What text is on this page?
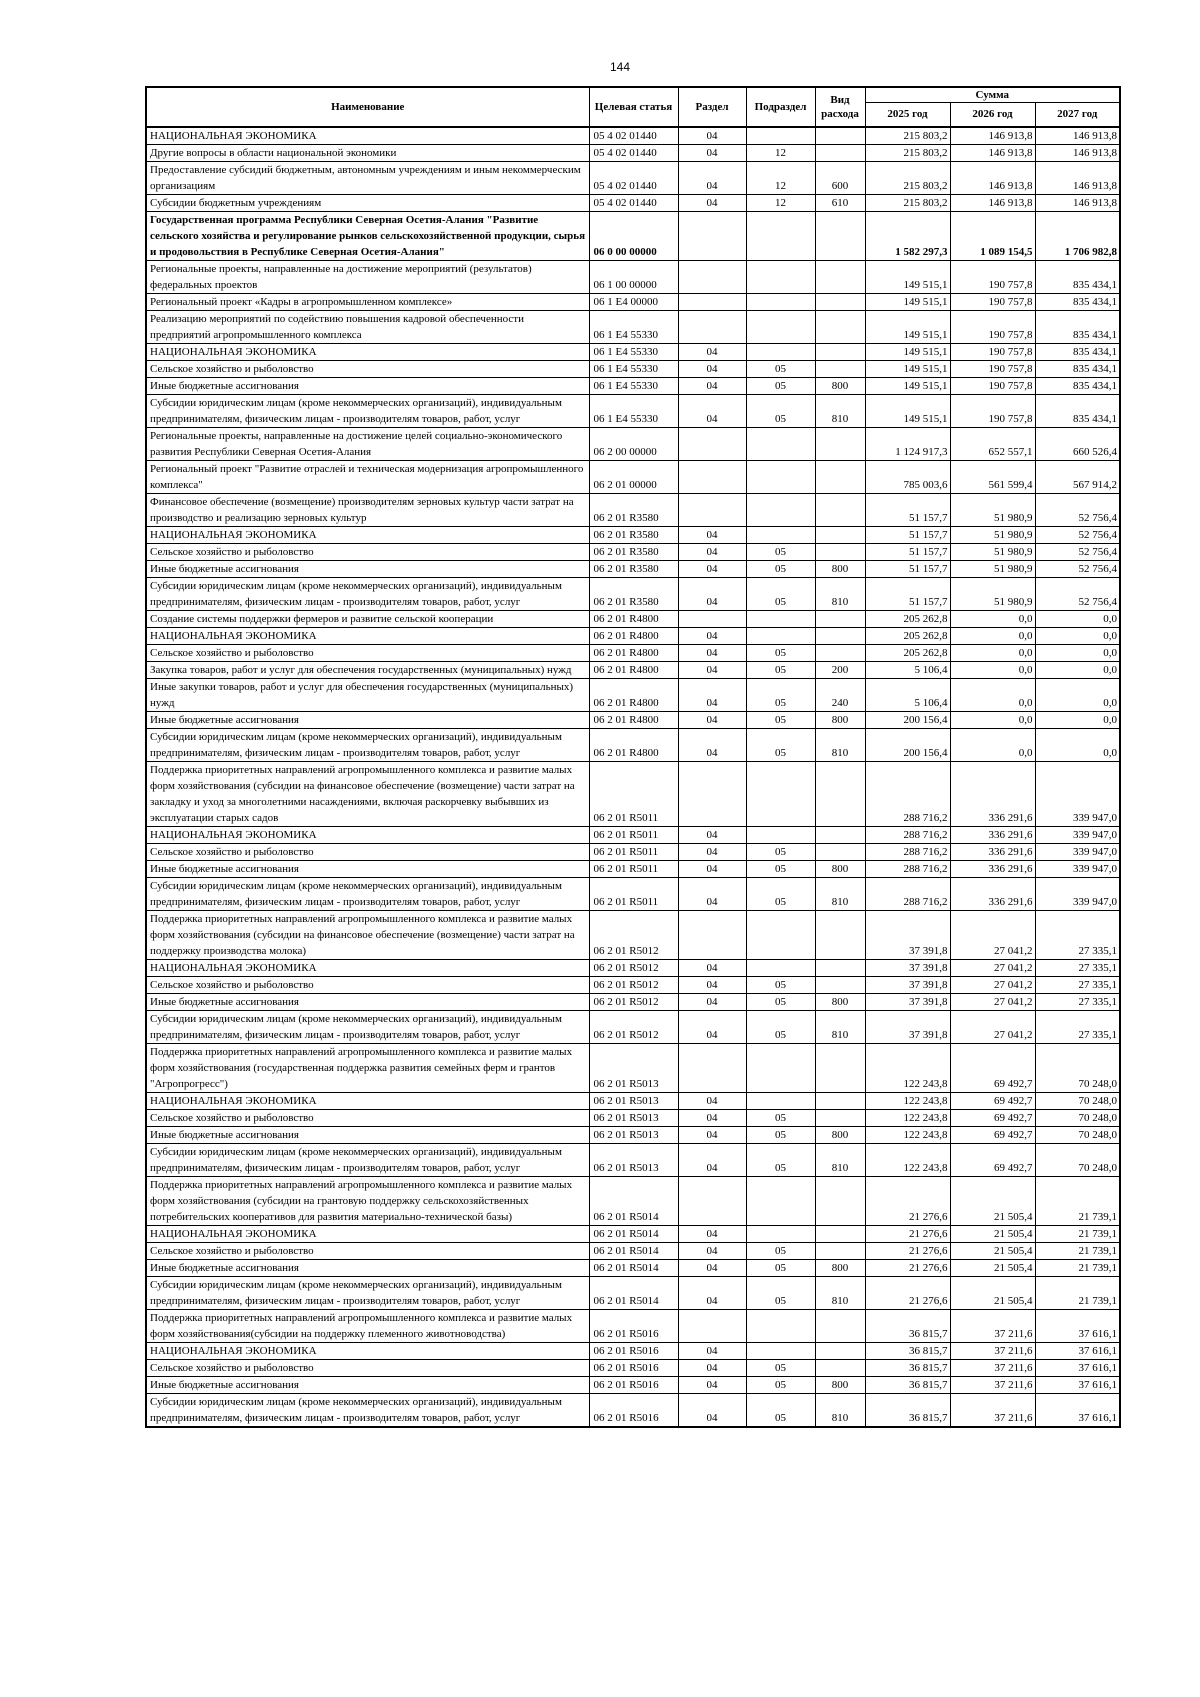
144
Наименование	Целевая статья	Раздел	Подраздел	Вид расхода	Сумма		
					2025 год	2026 год	2027 год
НАЦИОНАЛЬНАЯ ЭКОНОМИКА	05 4 02 01440	04			215 803,2	146 913,8	146 913,8
Другие вопросы в области национальной экономики	05 4 02 01440	04	12		215 803,2	146 913,8	146 913,8
Предоставление субсидий бюджетным, автономным учреждениям и иным некоммерческим организациям	05 4 02 01440	04	12	600	215 803,2	146 913,8	146 913,8
Субсидии бюджетным учреждениям	05 4 02 01440	04	12	610	215 803,2	146 913,8	146 913,8
Государственная программа Республики Северная Осетия-Алания "Развитие сельского хозяйства и регулирование рынков сельскохозяйственной продукции, сырья и продовольствия в Республике Северная Осетия-Алания"	06 0 00 00000				1 582 297,3	1 089 154,5	1 706 982,8
Региональные проекты, направленные на достижение мероприятий (результатов) федеральных проектов	06 1 00 00000				149 515,1	190 757,8	835 434,1
Региональный проект «Кадры в агропромышленном комплексе»	06 1 E4 00000				149 515,1	190 757,8	835 434,1
Реализацию мероприятий по содействию повышения кадровой обеспеченности предприятий агропромышленного комплекса	06 1 E4 55330				149 515,1	190 757,8	835 434,1
НАЦИОНАЛЬНАЯ ЭКОНОМИКА	06 1 E4 55330	04			149 515,1	190 757,8	835 434,1
Сельское хозяйство и рыболовство	06 1 E4 55330	04	05		149 515,1	190 757,8	835 434,1
Иные бюджетные ассигнования	06 1 E4 55330	04	05	800	149 515,1	190 757,8	835 434,1
Субсидии юридическим лицам (кроме некоммерческих организаций), индивидуальным предпринимателям, физическим лицам - производителям товаров, работ, услуг	06 1 E4 55330	04	05	810	149 515,1	190 757,8	835 434,1
Региональные проекты, направленные на достижение целей социально-экономического развития Республики Северная Осетия-Алания	06 2 00 00000				1 124 917,3	652 557,1	660 526,4
Региональный проект "Развитие отраслей и техническая модернизация агропромышленного комплекса"	06 2 01 00000				785 003,6	561 599,4	567 914,2
Финансовое обеспечение (возмещение) производителям зерновых культур части затрат на производство и реализацию зерновых культур	06 2 01 R3580				51 157,7	51 980,9	52 756,4
НАЦИОНАЛЬНАЯ ЭКОНОМИКА	06 2 01 R3580	04			51 157,7	51 980,9	52 756,4
Сельское хозяйство и рыболовство	06 2 01 R3580	04	05		51 157,7	51 980,9	52 756,4
Иные бюджетные ассигнования	06 2 01 R3580	04	05	800	51 157,7	51 980,9	52 756,4
Субсидии юридическим лицам (кроме некоммерческих организаций), индивидуальным предпринимателям, физическим лицам - производителям товаров, работ, услуг	06 2 01 R3580	04	05	810	51 157,7	51 980,9	52 756,4
Создание системы поддержки фермеров и развитие сельской кооперации	06 2 01 R4800				205 262,8	0,0	0,0
НАЦИОНАЛЬНАЯ ЭКОНОМИКА	06 2 01 R4800	04			205 262,8	0,0	0,0
Сельское хозяйство и рыболовство	06 2 01 R4800	04	05		205 262,8	0,0	0,0
Закупка товаров, работ и услуг для обеспечения государственных (муниципальных) нужд	06 2 01 R4800	04	05	200	5 106,4	0,0	0,0
Иные закупки товаров, работ и услуг для обеспечения государственных (муниципальных) нужд	06 2 01 R4800	04	05	240	5 106,4	0,0	0,0
Иные бюджетные ассигнования	06 2 01 R4800	04	05	800	200 156,4	0,0	0,0
Субсидии юридическим лицам (кроме некоммерческих организаций), индивидуальным предпринимателям, физическим лицам - производителям товаров, работ, услуг	06 2 01 R4800	04	05	810	200 156,4	0,0	0,0
Поддержка приоритетных направлений агропромышленного комплекса и развитие малых форм хозяйствования (субсидии на финансовое обеспечение (возмещение) части затрат на закладку и уход за многолетними насаждениями, включая раскорчевку выбывших из эксплуатации старых садов	06 2 01 R5011				288 716,2	336 291,6	339 947,0
НАЦИОНАЛЬНАЯ ЭКОНОМИКА	06 2 01 R5011	04			288 716,2	336 291,6	339 947,0
Сельское хозяйство и рыболовство	06 2 01 R5011	04	05		288 716,2	336 291,6	339 947,0
Иные бюджетные ассигнования	06 2 01 R5011	04	05	800	288 716,2	336 291,6	339 947,0
Субсидии юридическим лицам (кроме некоммерческих организаций), индивидуальным предпринимателям, физическим лицам - производителям товаров, работ, услуг	06 2 01 R5011	04	05	810	288 716,2	336 291,6	339 947,0
Поддержка приоритетных направлений агропромышленного комплекса и развитие малых форм хозяйствования (субсидии на финансовое обеспечение (возмещение) части затрат на поддержку производства молока)	06 2 01 R5012				37 391,8	27 041,2	27 335,1
НАЦИОНАЛЬНАЯ ЭКОНОМИКА	06 2 01 R5012	04			37 391,8	27 041,2	27 335,1
Сельское хозяйство и рыболовство	06 2 01 R5012	04	05		37 391,8	27 041,2	27 335,1
Иные бюджетные ассигнования	06 2 01 R5012	04	05	800	37 391,8	27 041,2	27 335,1
Субсидии юридическим лицам (кроме некоммерческих организаций), индивидуальным предпринимателям, физическим лицам - производителям товаров, работ, услуг	06 2 01 R5012	04	05	810	37 391,8	27 041,2	27 335,1
Поддержка приоритетных направлений агропромышленного комплекса и развитие малых форм хозяйствования (государственная поддержка развития семейных ферм и грантов "Агропрогресс")	06 2 01 R5013				122 243,8	69 492,7	70 248,0
НАЦИОНАЛЬНАЯ ЭКОНОМИКА	06 2 01 R5013	04			122 243,8	69 492,7	70 248,0
Сельское хозяйство и рыболовство	06 2 01 R5013	04	05		122 243,8	69 492,7	70 248,0
Иные бюджетные ассигнования	06 2 01 R5013	04	05	800	122 243,8	69 492,7	70 248,0
Субсидии юридическим лицам (кроме некоммерческих организаций), индивидуальным предпринимателям, физическим лицам - производителям товаров, работ, услуг	06 2 01 R5013	04	05	810	122 243,8	69 492,7	70 248,0
Поддержка приоритетных направлений агропромышленного комплекса и развитие малых форм хозяйствования (субсидии на грантовую поддержку сельскохозяйственных потребительских кооперативов для развития материально-технической базы)	06 2 01 R5014				21 276,6	21 505,4	21 739,1
НАЦИОНАЛЬНАЯ ЭКОНОМИКА	06 2 01 R5014	04			21 276,6	21 505,4	21 739,1
Сельское хозяйство и рыболовство	06 2 01 R5014	04	05		21 276,6	21 505,4	21 739,1
Иные бюджетные ассигнования	06 2 01 R5014	04	05	800	21 276,6	21 505,4	21 739,1
Субсидии юридическим лицам (кроме некоммерческих организаций), индивидуальным предпринимателям, физическим лицам - производителям товаров, работ, услуг	06 2 01 R5014	04	05	810	21 276,6	21 505,4	21 739,1
Поддержка приоритетных направлений агропромышленного комплекса и развитие малых форм хозяйствования(субсидии на поддержку племенного животноводства)	06 2 01 R5016				36 815,7	37 211,6	37 616,1
НАЦИОНАЛЬНАЯ ЭКОНОМИКА	06 2 01 R5016	04			36 815,7	37 211,6	37 616,1
Сельское хозяйство и рыболовство	06 2 01 R5016	04	05		36 815,7	37 211,6	37 616,1
Иные бюджетные ассигнования	06 2 01 R5016	04	05	800	36 815,7	37 211,6	37 616,1
Субсидии юридическим лицам (кроме некоммерческих организаций), индивидуальным предпринимателям, физическим лицам - производителям товаров, работ, услуг	06 2 01 R5016	04	05	810	36 815,7	37 211,6	37 616,1
